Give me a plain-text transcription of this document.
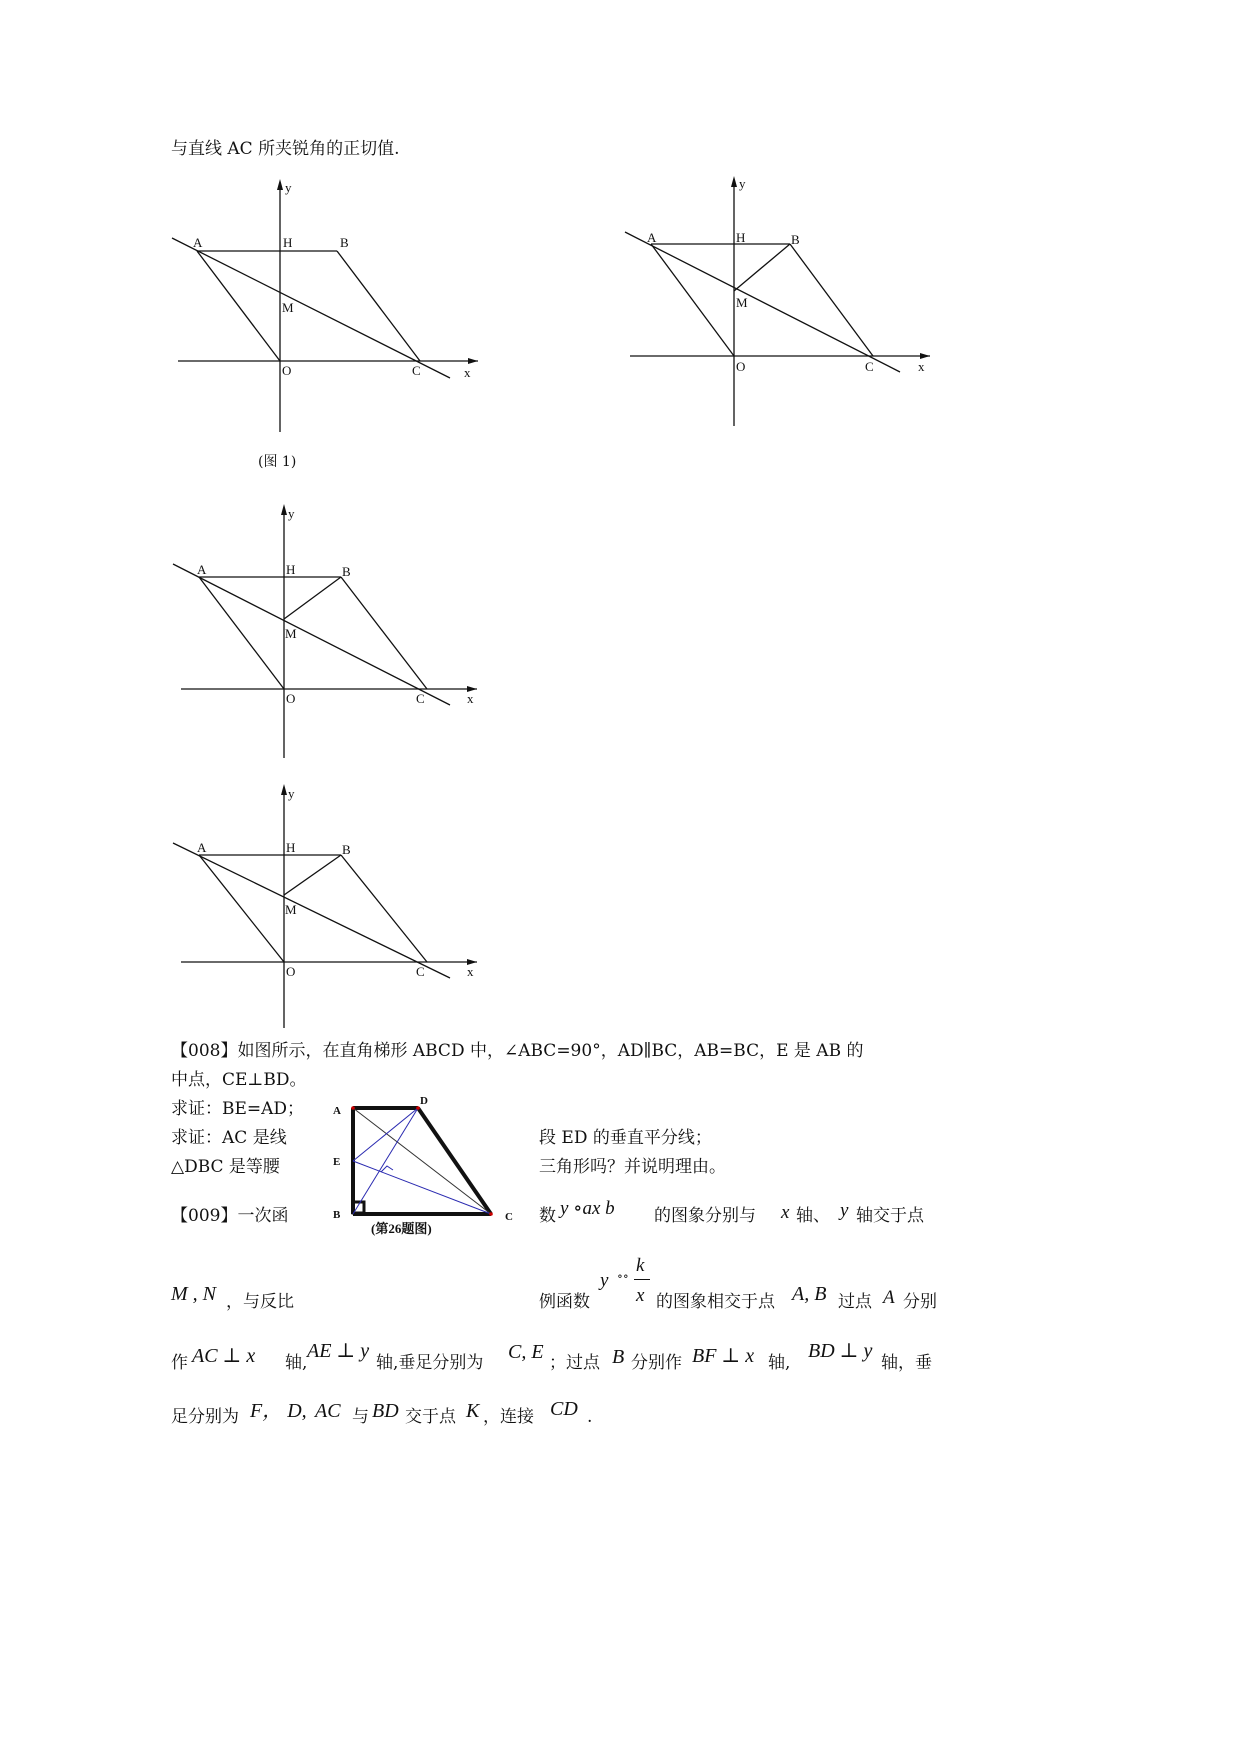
与直线 AC 所夹锐角的正切值.
A	H	B
M
O	C	x
y
(图 1)
A	H	B
M
O	C	x
y
A	H	B
M
O	C	x
y
A	H	B
M
O	C	x
y
【008】如图所示，在直角梯形 ABCD 中，∠ABC=90°，AD∥BC，AB=BC，E 是 AB 的
中点，CE⊥BD。
求证：BE=AD；
求证：AC 是线	段 ED 的垂直平分线；
△DBC 是等腰	三角形吗？并说明理由。
A
D
E
B	C
(第26题图)
【009】一次函	数 y ∘ax b 的图象分别与 x 轴、 y 轴交于点
M , N ，与反比	例函数
y ∘∘ k
x 的图象相交于点 A, B 过点 A 分别
作 AC ⊥ x 轴,
AE ⊥ y
轴,垂足分别为 C, E ；过点 B 分别作 BF ⊥ x 轴,
BD ⊥ y
轴，垂
足分别为 F， D, AC 与 BD 交于点 K ，连接 CD .
